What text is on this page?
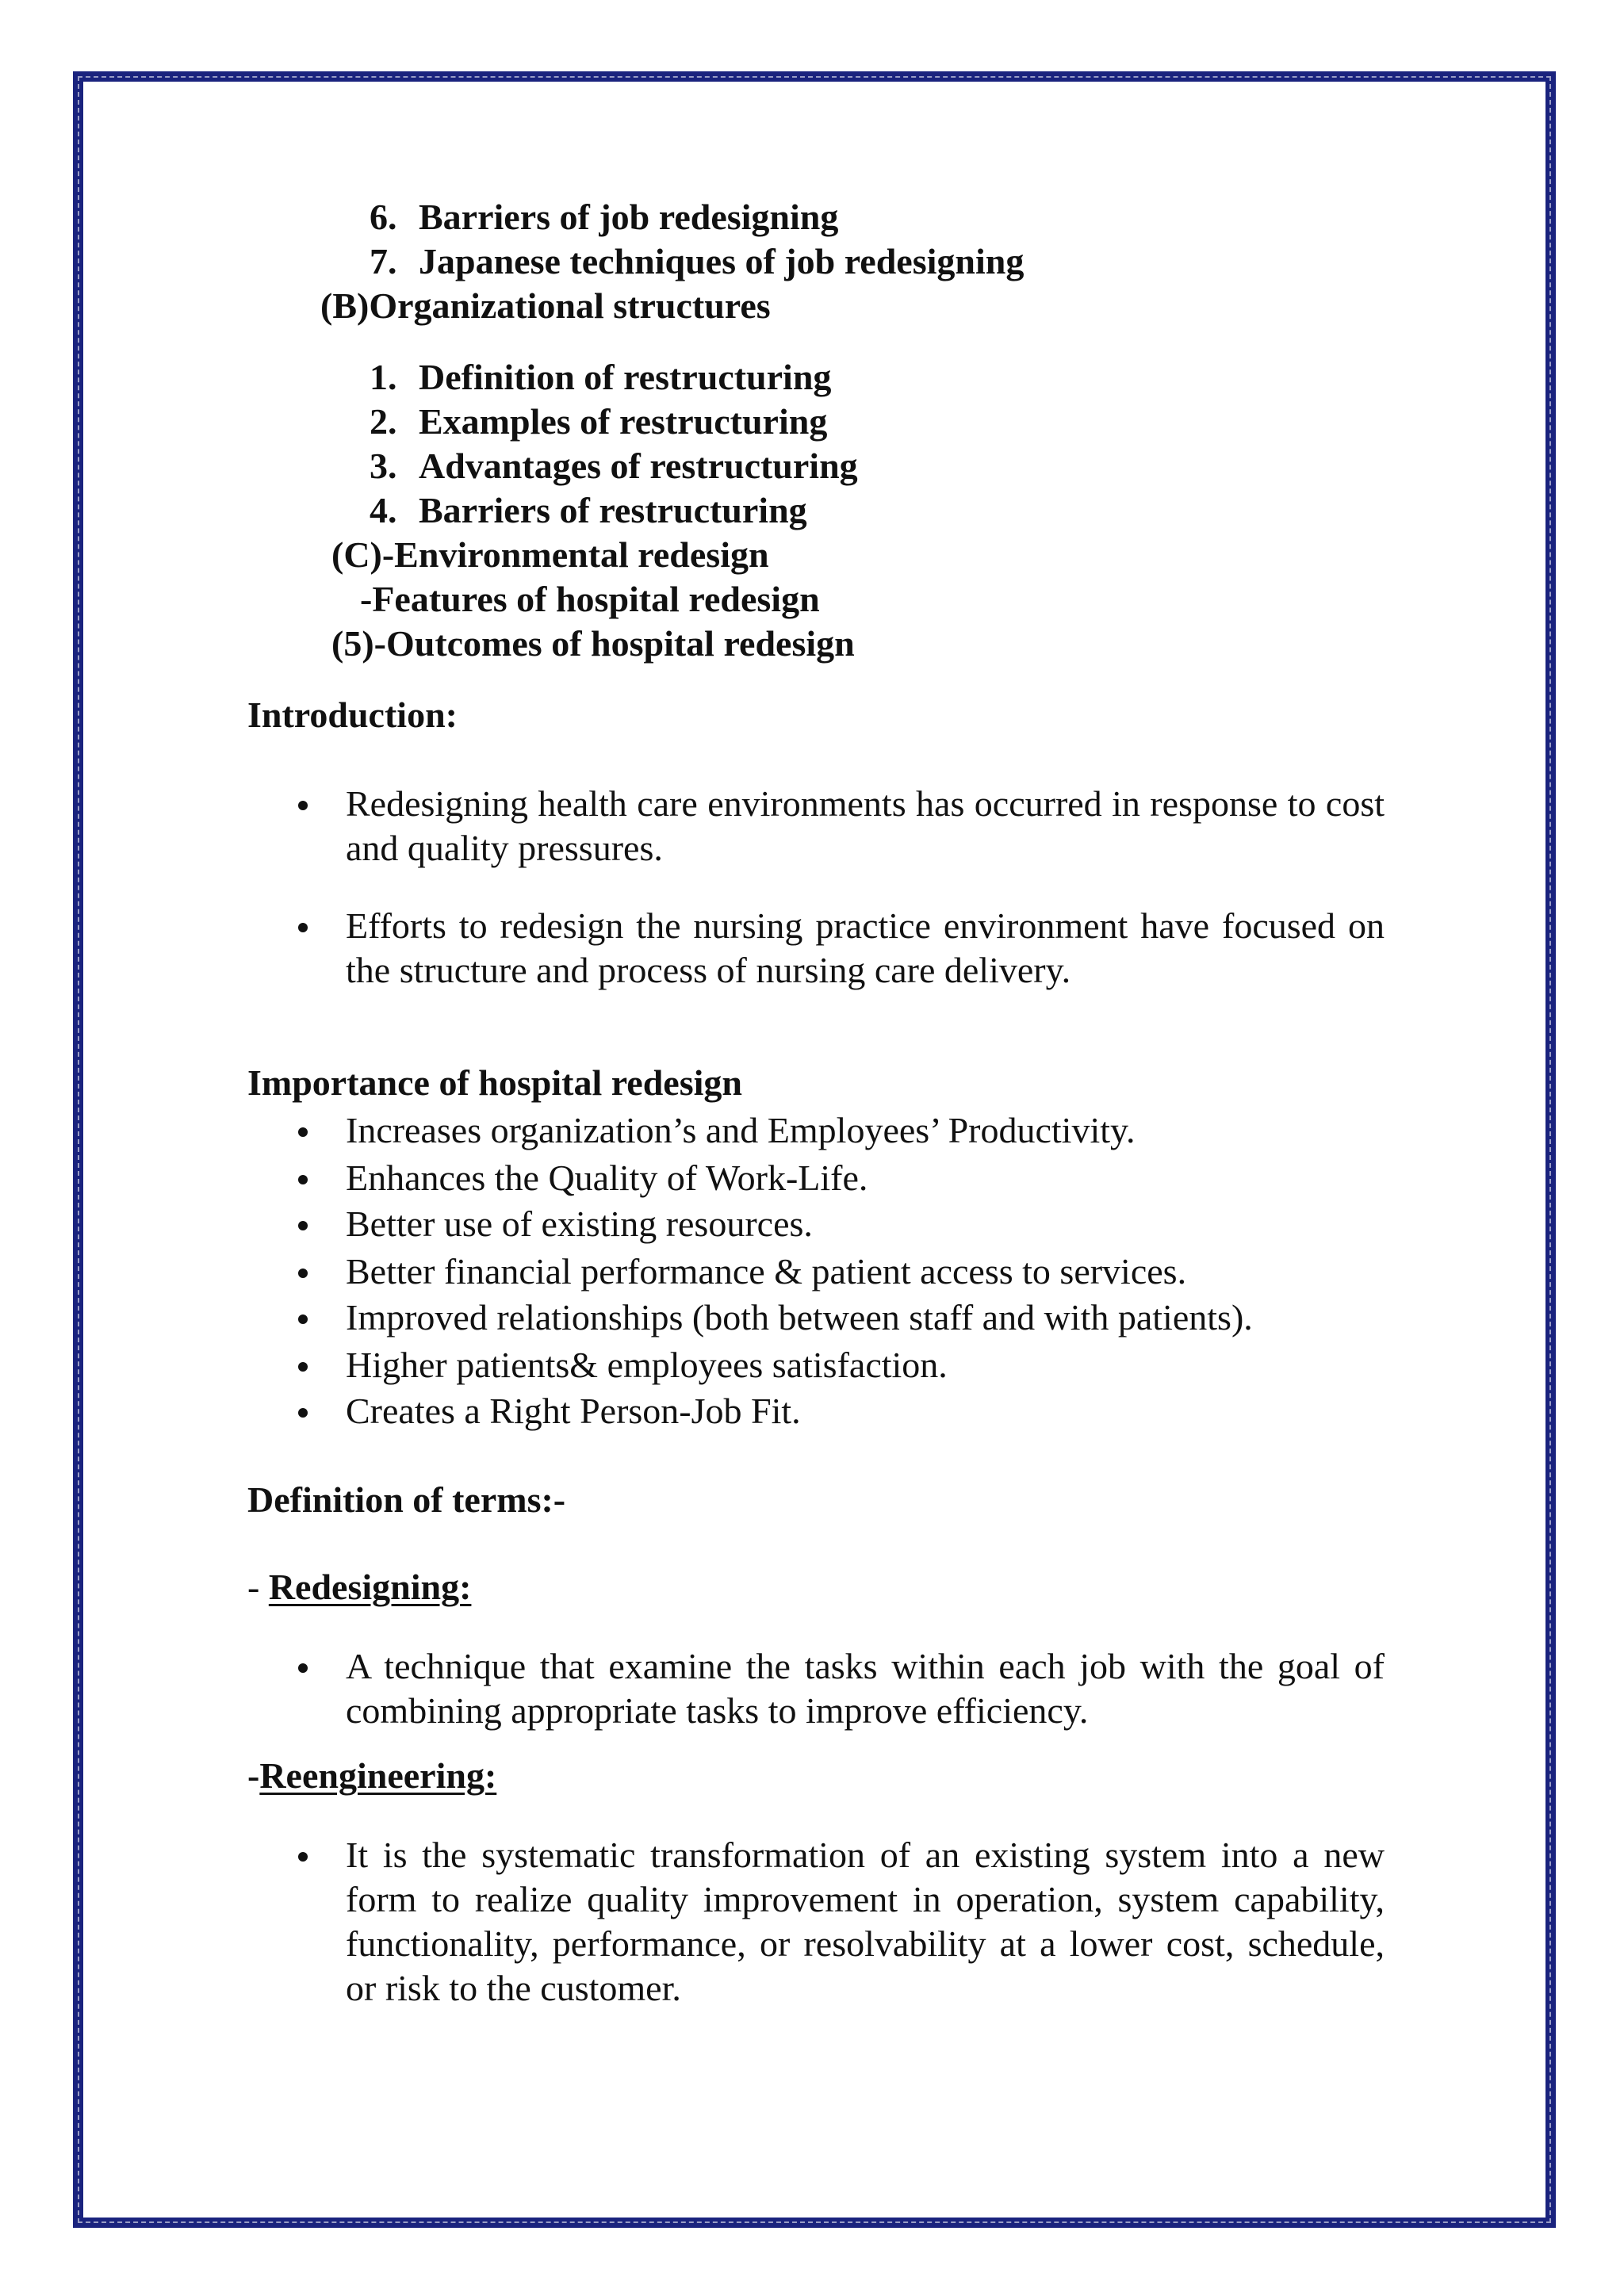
6. Barriers of job redesigning
7. Japanese techniques of job redesigning
(B)Organizational structures
1. Definition of restructuring
2. Examples of restructuring
3. Advantages of restructuring
4. Barriers of restructuring
(C)-Environmental redesign
-Features of hospital redesign
(5)-Outcomes of hospital redesign
Introduction:
Redesigning health care environments has occurred in response to cost and quality pressures.
Efforts to redesign the nursing practice environment have focused on the structure and process of nursing care delivery.
Importance of hospital redesign
Increases organization’s and Employees’ Productivity.
Enhances the Quality of Work-Life.
Better use of existing resources.
Better financial performance & patient access to services.
Improved relationships (both between staff and with patients).
Higher patients& employees satisfaction.
Creates a Right Person-Job Fit.
Definition of terms:-
- Redesigning:
A technique that examine the tasks within each job with the goal of combining appropriate tasks to improve efficiency.
-Reengineering:
It is the systematic transformation of an existing system into a new form to realize quality improvement in operation, system capability, functionality, performance, or resolvability at a lower cost, schedule, or risk to the customer.
